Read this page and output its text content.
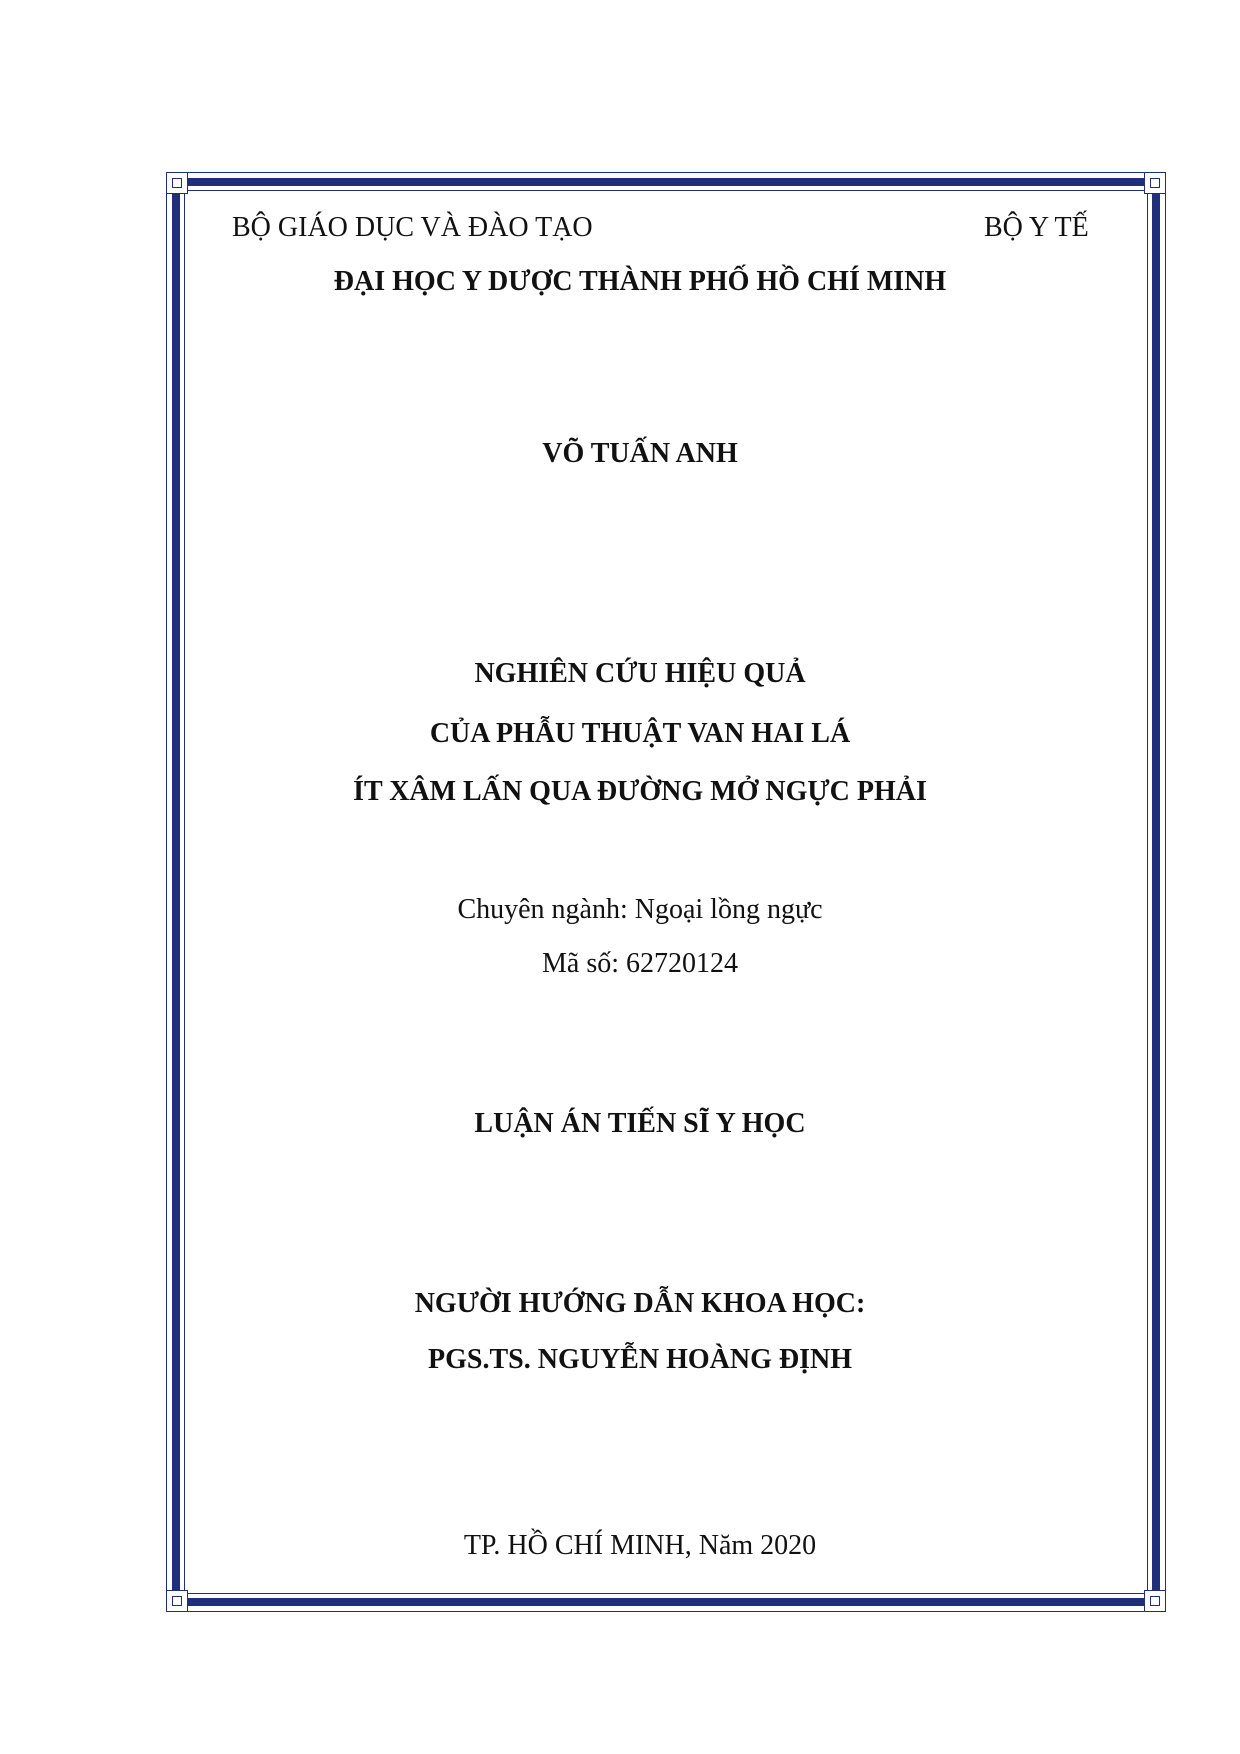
BỘ GIÁO DỤC VÀ ĐÀO TẠO	BỘ Y TẾ
ĐẠI HỌC Y DƯỢC THÀNH PHỐ HỒ CHÍ MINH
VÕ TUẤN ANH
NGHIÊN CỨU HIỆU QUẢ
CỦA PHẪU THUẬT VAN HAI LÁ
ÍT XÂM LẤN QUA ĐƯỜNG MỞ NGỰC PHẢI
Chuyên ngành: Ngoại lồng ngực
Mã số: 62720124
LUẬN ÁN TIẾN SĨ Y HỌC
NGƯỜI HƯỚNG DẪN KHOA HỌC:
PGS.TS. NGUYỄN HOÀNG ĐỊNH
TP. HỒ CHÍ MINH, Năm 2020
